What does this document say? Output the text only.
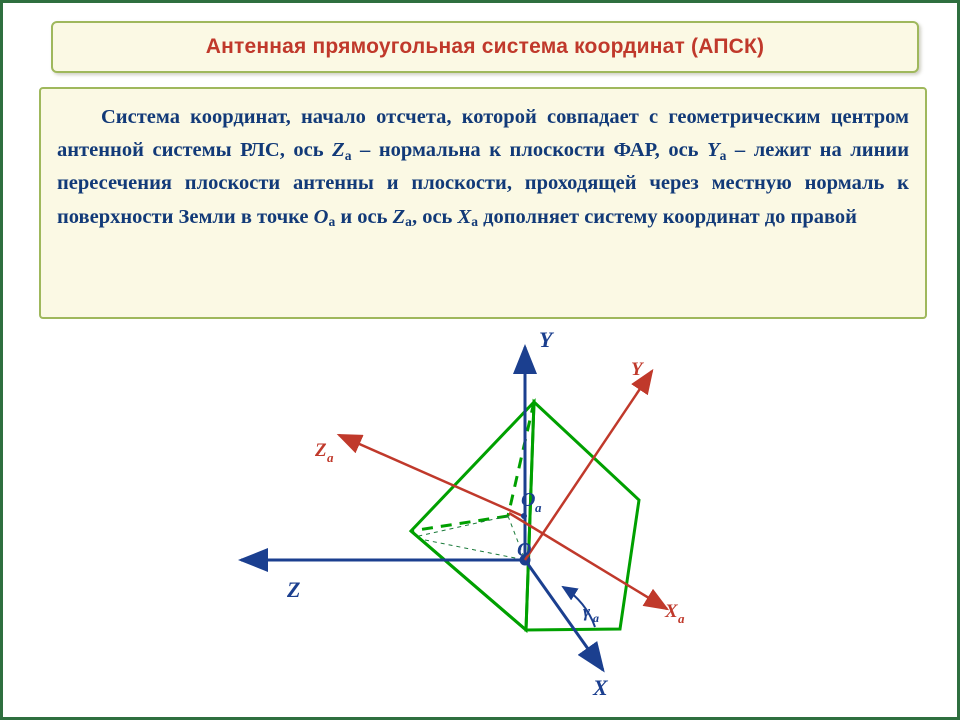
Антенная прямоугольная система координат (АПСК)

Система координат, начало отсчета, которой совпадает с геометрическим центром антенной системы РЛС, ось $Z_a$ – нормальна к плоскости ФАР, ось $Y_a$ – лежит на линии пересечения плоскости антенны и плоскости, проходящей через местную нормаль к поверхности Земли в точке $O_a$ и ось $Z_a$, ось $X_a$ дополняет систему координат до правой

Y
Z
X
Y a
Z a
X a
O
O a
γ a
